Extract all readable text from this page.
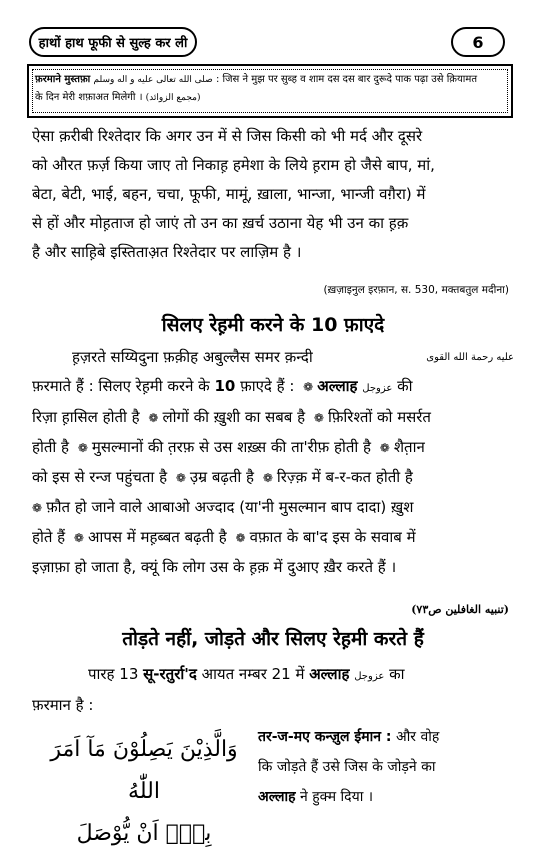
हाथों हाथ फूफी से सुल्ह कर ली	6
फ़रमाने मुस्तफ़ा صلى الله تعالى عليه و اله وسلم : जिस ने मुझ पर सुब्ह व शाम दस दस बार दुरूदे पाक पढ़ा उसे क़ियामत
के दिन मेरी शफ़ाअत मिलेगी । (مجمع الزوائد)
ऐसा क़रीबी रिश्तेदार कि अगर उन में से जिस किसी को भी मर्द और दूसरे
को औरत फ़र्ज़ किया जाए तो निकाह़ हमेशा के लिये ह़राम हो जैसे बाप, मां,
बेटा, बेटी, भाई, बहन, चचा, फूफी, मामूं, ख़ाला, भान्जा, भान्जी वग़ैरा) में
से हों और मोह़ताज हो जाएं तो उन का ख़र्च उठाना येह भी उन का ह़क़
है और साह़िबे इस्तिताअ़त रिश्तेदार पर लाज़िम है ।
(ख़ज़ाइनुल इरफ़ान, स. 530, मक्तबतुल मदीना)
सिलए रेह़मी करने के 10 फ़ाएदे
ह़ज़रते सय्यिदुना फ़क़ीह अबुल्लैस समर क़न्दी	عليه رحمة الله القوى
फ़रमाते हैं : सिलए रेह़मी करने के 10 फ़ाएदे हैं : ❁ अल्लाह عزوجل की
रिज़ा ह़ासिल होती है ❁ लोगों की ख़ुशी का सबब है ❁ फ़िरिश्तों को मसर्रत
होती है ❁ मुसल्मानों की त़रफ़ से उस शख़्स की ता'रीफ़ होती है ❁ शैत़ान
को इस से रन्ज पहुंचता है ❁ उ़म्र बढ़ती है ❁ रिज़्क़ में ब-र-कत होती है
❁ फ़ौत हो जाने वाले आबाओ अज्दाद (या'नी मुसल्मान बाप दादा) ख़ुश
होते हैं ❁ आपस में मह़ब्बत बढ़ती है ❁ वफ़ात के बा'द इस के सवाब में
इज़ाफ़ा हो जाता है, क्यूं कि लोग उस के ह़क़ में दुआए ख़ैर करते हैं ।
(تنبيه الغافلين ص٧٣)
तोड़ते नहीं, जोड़ते और सिलए रेह़मी करते हैं
पारह 13 सू-रतुर्रा'द आयत नम्बर 21 में अल्लाह عزوجل का
फ़रमान है :
وَالَّذِيْنَ يَصِلُوْنَ مَآ اَمَرَ اللّٰهُ
بِهٖٓ اَنْ يُّوْصَلَ
तर-ज-मए कन्ज़ुल ईमान : और वोह
कि जोड़ते हैं उसे जिस के जोड़ने का
अल्लाह ने हुक्म दिया ।
